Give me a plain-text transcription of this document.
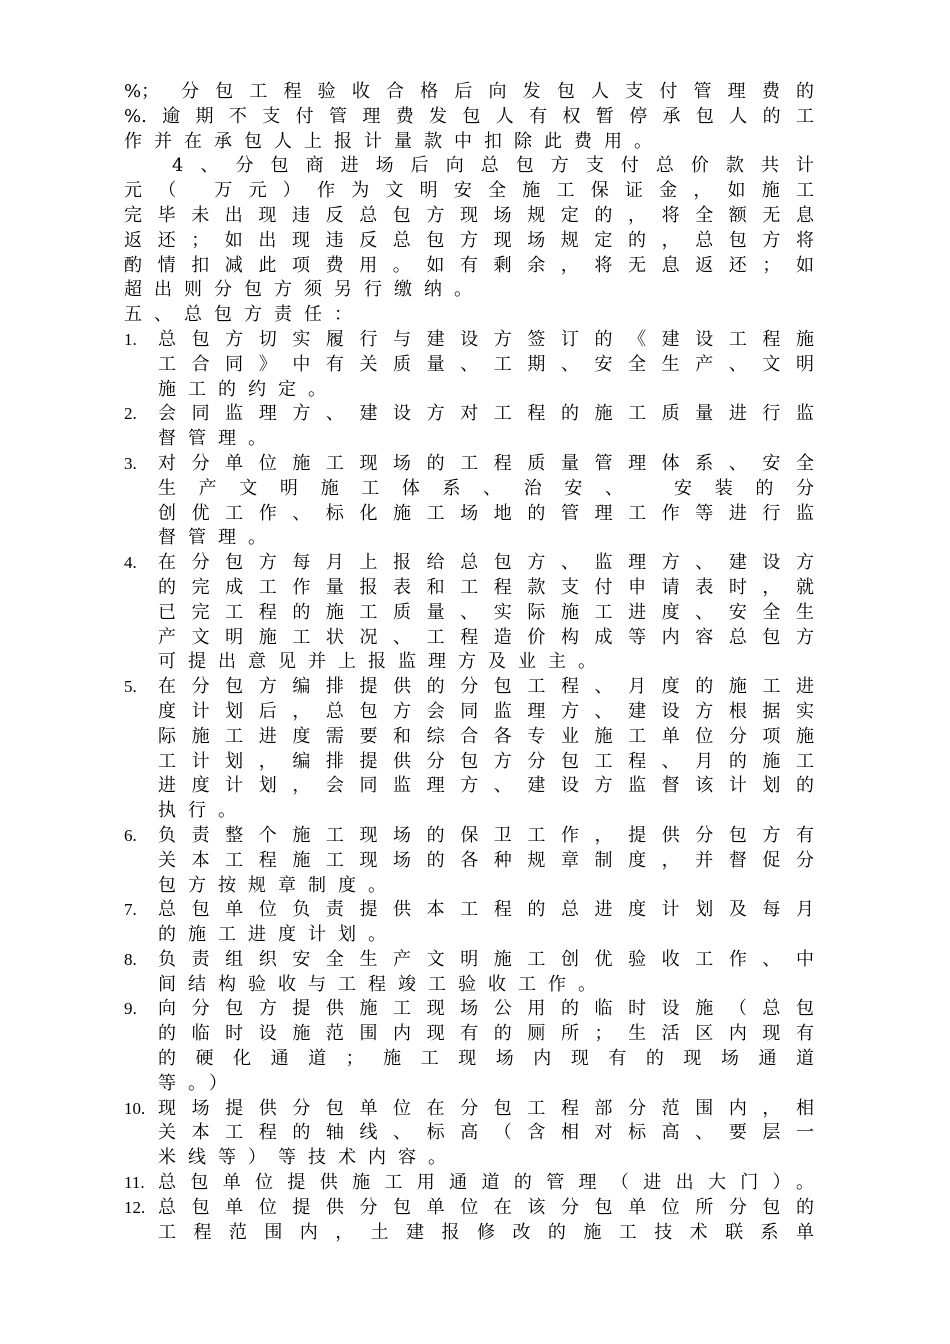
%； 分包工程验收合格后向发包人支付管理费的
%.逾期不支付管理费发包人有权暂停承包人的工
作并在承包人上报计量款中扣除此费用。
4、分包商进场后向总包方支付总价款共计
元（ 万元）作为文明安全施工保证金，如施工
完毕未出现违反总包方现场规定的，将全额无息
返还；如出现违反总包方现场规定的，总包方将
酌情扣减此项费用。如有剩余，将无息返还；如
超出则分包方须另行缴纳。
五、总包方责任：
1.	总包方切实履行与建设方签订的《建设工程施
工合同》中有关质量、工期、安全生产、文明
施工的约定。
2.	会同监理方、建设方对工程的施工质量进行监
督管理。
3.	对分单位施工现场的工程质量管理体系、安全
生产文明施工体系、治安、 安装的分
创优工作、标化施工场地的管理工作等进行监
督管理。
4.	在分包方每月上报给总包方、监理方、建设方
的完成工作量报表和工程款支付申请表时，就
已完工程的施工质量、实际施工进度、安全生
产文明施工状况、工程造价构成等内容总包方
可提出意见并上报监理方及业主。
5.	在分包方编排提供的分包工程、月度的施工进
度计划后，总包方会同监理方、建设方根据实
际施工进度需要和综合各专业施工单位分项施
工计划，编排提供分包方分包工程、月的施工
进度计划，会同监理方、建设方监督该计划的
执行。
6.	负责整个施工现场的保卫工作，提供分包方有
关本工程施工现场的各种规章制度，并督促分
包方按规章制度。
7.	总包单位负责提供本工程的总进度计划及每月
的施工进度计划。
8.	负责组织安全生产文明施工创优验收工作、中
间结构验收与工程竣工验收工作。
9.	向分包方提供施工现场公用的临时设施（总包
的临时设施范围内现有的厕所；生活区内现有
的硬化通道；施工现场内现有的现场通道
等。）
10. 现场提供分包单位在分包工程部分范围内，相
关本工程的轴线、标高（含相对标高、要层一
米线等）等技术内容。
11. 总包单位提供施工用通道的管理（进出大门）。
12. 总包单位提供分包单位在该分包单位所分包的
工程范围内，土建报修改的施工技术联系单
